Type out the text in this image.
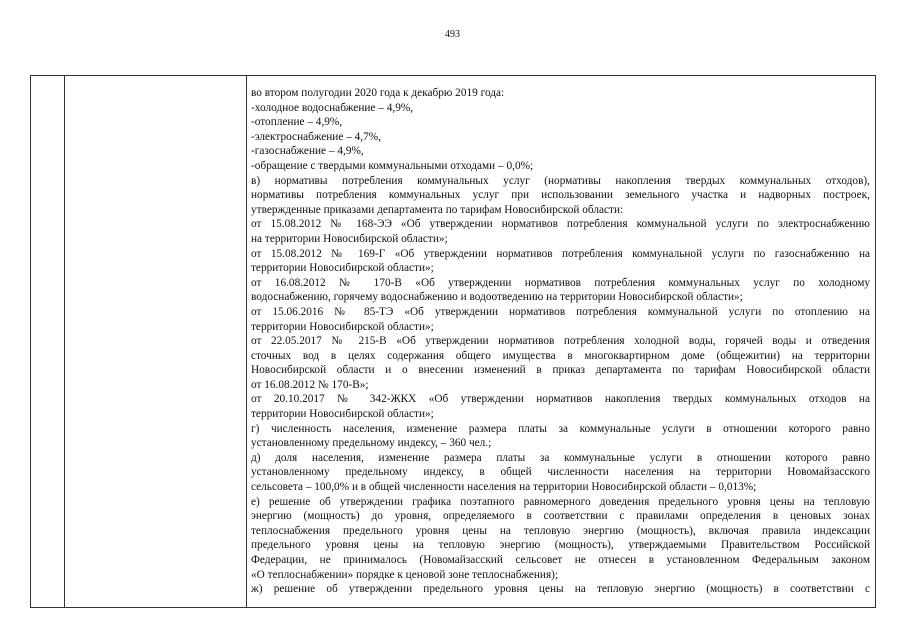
493
во втором полугодии 2020 года к декабрю 2019 года:
-холодное водоснабжение – 4,9%,
-отопление – 4,9%,
-электроснабжение – 4,7%,
-газоснабжение – 4,9%,
-обращение с твердыми коммунальными отходами – 0,0%;
в) нормативы потребления коммунальных услуг (нормативы накопления твердых коммунальных отходов),
нормативы потребления коммунальных услуг при использовании земельного участка и надворных построек,
утвержденные приказами департамента по тарифам Новосибирской области:
от 15.08.2012 № 168-ЭЭ «Об утверждении нормативов потребления коммунальной услуги по электроснабжению
на территории Новосибирской области»;
от 15.08.2012 № 169-Г «Об утверждении нормативов потребления коммунальной услуги по газоснабжению на
территории Новосибирской области»;
от 16.08.2012 № 170-В «Об утверждении нормативов потребления коммунальных услуг по холодному
водоснабжению, горячему водоснабжению и водоотведению на территории Новосибирской области»;
от 15.06.2016 № 85-ТЭ «Об утверждении нормативов потребления коммунальной услуги по отоплению на
территории Новосибирской области»;
от 22.05.2017 № 215-В «Об утверждении нормативов потребления холодной воды, горячей воды и отведения
сточных вод в целях содержания общего имущества в многоквартирном доме (общежитии) на территории
Новосибирской области и о внесении изменений в приказ департамента по тарифам Новосибирской области
от 16.08.2012 № 170-В»;
от 20.10.2017 № 342-ЖКХ «Об утверждении нормативов накопления твердых коммунальных отходов на
территории Новосибирской области»;
г) численность населения, изменение размера платы за коммунальные услуги в отношении которого равно
установленному предельному индексу, – 360 чел.;
д) доля населения, изменение размера платы за коммунальные услуги в отношении которого равно
установленному предельному индексу, в общей численности населения на территории Новомайзасского
сельсовета – 100,0% и в общей численности населения на территории Новосибирской области – 0,013%;
е) решение об утверждении графика поэтапного равномерного доведения предельного уровня цены на тепловую
энергию (мощность) до уровня, определяемого в соответствии с правилами определения в ценовых зонах
теплоснабжения предельного уровня цены на тепловую энергию (мощность), включая правила индексации
предельного уровня цены на тепловую энергию (мощность), утверждаемыми Правительством Российской
Федерации, не принималось (Новомайзасский сельсовет не отнесен в установленном Федеральным законом
«О теплоснабжении» порядке к ценовой зоне теплоснабжения);
ж) решение об утверждении предельного уровня цены на тепловую энергию (мощность) в соответствии с
